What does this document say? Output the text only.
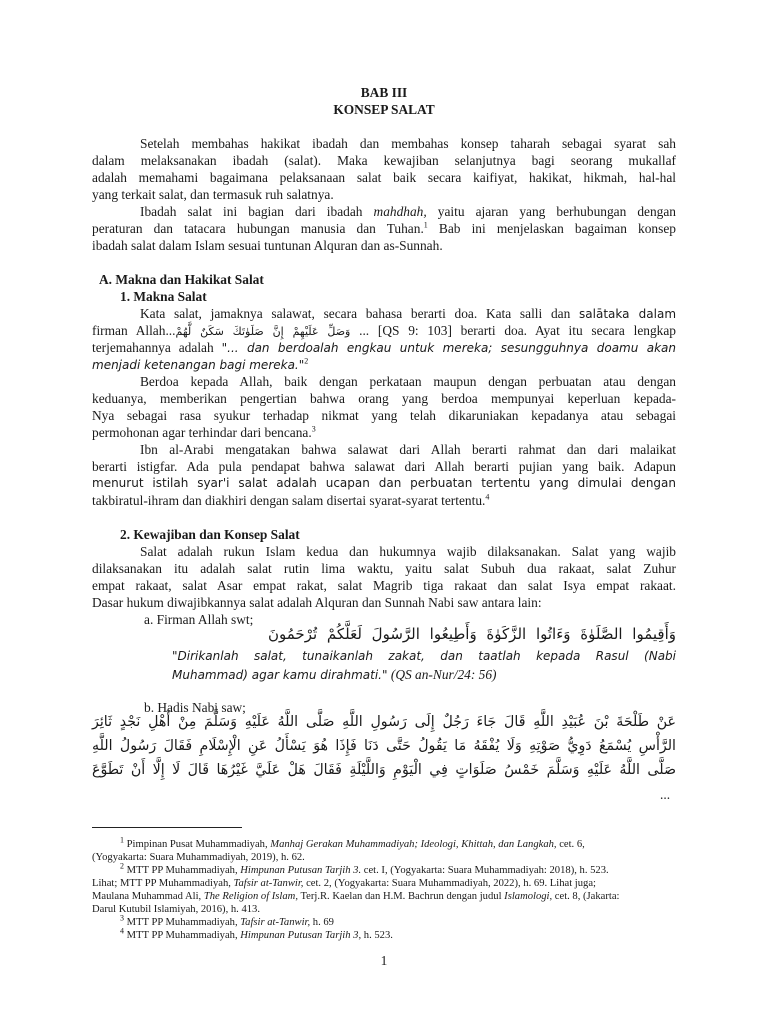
BAB III
KONSEP SALAT
Setelah membahas hakikat ibadah dan membahas konsep taharah sebagai syarat sah
dalam melaksanakan ibadah (salat). Maka kewajiban selanjutnya bagi seorang mukallaf
adalah memahami bagaimana pelaksanaan salat baik secara kaifiyat, hakikat, hikmah, hal-hal
yang terkait salat, dan termasuk ruh salatnya.
Ibadah salat ini bagian dari ibadah mahdhah, yaitu ajaran yang berhubungan dengan
peraturan dan tatacara hubungan manusia dan Tuhan.$^1$ Bab ini menjelaskan bagaiman konsep
ibadah salat dalam Islam sesuai tuntunan Alquran dan as-Sunnah.
A. Makna dan Hakikat Salat
1. Makna Salat
Kata salat, jamaknya salawat, secara bahasa berarti doa. Kata salli dan salātaka dalam
firman Allah...وَصَلِّ عَلَيْهِمْ إِنَّ صَلَوٰتَكَ سَكَنٌ لَّهُمْ ... [QS 9: 103] berarti doa. Ayat itu secara lengkap
terjemahannya adalah "... dan berdoalah engkau untuk mereka; sesungguhnya doamu akan
menjadi ketenangan bagi mereka."$^2$
Berdoa kepada Allah, baik dengan perkataan maupun dengan perbuatan atau dengan
keduanya, memberikan pengertian bahwa orang yang berdoa mempunyai keperluan kepada-
Nya sebagai rasa syukur terhadap nikmat yang telah dikaruniakan kepadanya atau sebagai
permohonan agar terhindar dari bencana.$^3$
Ibn al-Arabi mengatakan bahwa salawat dari Allah berarti rahmat dan dari malaikat
berarti istigfar. Ada pula pendapat bahwa salawat dari Allah berarti pujian yang baik. Adapun
menurut istilah syar'i salat adalah ucapan dan perbuatan tertentu yang dimulai dengan
takbiratul-ihram dan diakhiri dengan salam disertai syarat-syarat tertentu.$^4$
2. Kewajiban dan Konsep Salat
Salat adalah rukun Islam kedua dan hukumnya wajib dilaksanakan. Salat yang wajib
dilaksanakan itu adalah salat rutin lima waktu, yaitu salat Subuh dua rakaat, salat Zuhur
empat rakaat, salat Asar empat rakat, salat Magrib tiga rakaat dan salat Isya empat rakaat.
Dasar hukum diwajibkannya salat adalah Alquran dan Sunnah Nabi saw antara lain:
a. Firman Allah swt;
وَأَقِيمُوا الصَّلَوٰةَ وَءَاتُوا الزَّكَوٰةَ وَأَطِيعُوا الرَّسُولَ لَعَلَّكُمْ تُرْحَمُونَ
"Dirikanlah salat, tunaikanlah zakat, dan taatlah kepada Rasul (Nabi
Muhammad) agar kamu dirahmati." (QS an-Nur/24: 56)
b. Hadis Nabi saw;
عَنْ طَلْحَةَ بْنَ عُبَيْدِ اللَّهِ قَالَ جَاءَ رَجُلٌ إِلَى رَسُولِ اللَّهِ صَلَّى اللَّهُ عَلَيْهِ وَسَلَّمَ مِنْ أَهْلِ نَجْدٍ ثَائِرَ
الرَّأْسِ يُسْمَعُ دَوِيُّ صَوْتِهِ وَلَا يُفْقَهُ مَا يَقُولُ حَتَّى دَنَا فَإِذَا هُوَ يَسْأَلُ عَنِ الْإِسْلَامِ فَقَالَ رَسُولُ اللَّهِ
صَلَّى اللَّهُ عَلَيْهِ وَسَلَّمَ خَمْسُ صَلَوَاتٍ فِي الْيَوْمِ وَاللَّيْلَةِ فَقَالَ هَلْ عَلَيَّ غَيْرُهَا قَالَ لَا إِلَّا أَنْ تَطَوَّعَ
...
$^1$ Pimpinan Pusat Muhammadiyah, Manhaj Gerakan Muhammadiyah; Ideologi, Khittah, dan Langkah, cet. 6,
(Yogyakarta: Suara Muhammadiyah, 2019), h. 62.
$^2$ MTT PP Muhammadiyah, Himpunan Putusan Tarjih 3. cet. I, (Yogyakarta: Suara Muhammadiyah: 2018), h. 523.
Lihat; MTT PP Muhammadiyah, Tafsir at-Tanwir, cet. 2, (Yogyakarta: Suara Muhammadiyah, 2022), h. 69. Lihat juga;
Maulana Muhammad Ali, The Religion of Islam, Terj.R. Kaelan dan H.M. Bachrun dengan judul Islamologi, cet. 8, (Jakarta:
Darul Kutubil Islamiyah, 2016), h. 413.
$^3$ MTT PP Muhammadiyah, Tafsir at-Tanwir, h. 69
$^4$ MTT PP Muhammadiyah, Himpunan Putusan Tarjih 3, h. 523.
1
